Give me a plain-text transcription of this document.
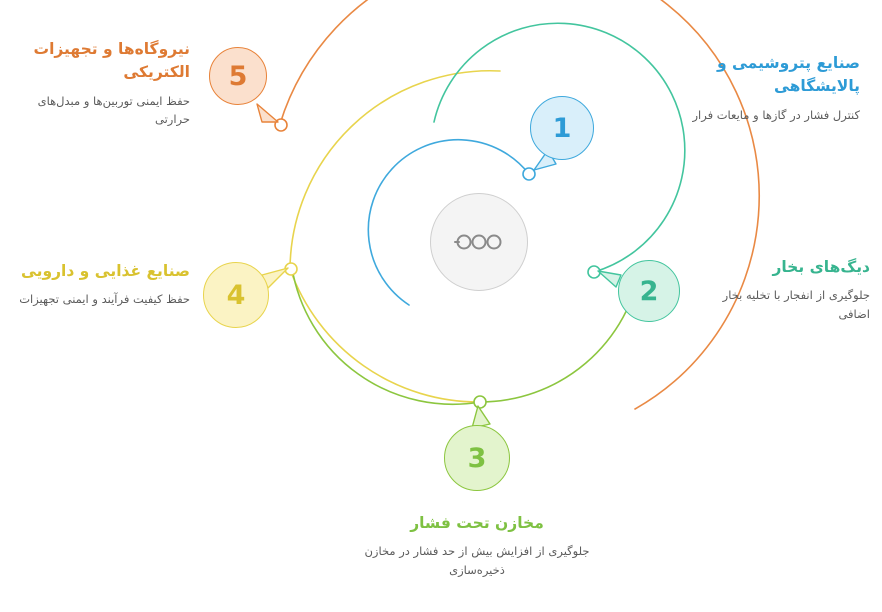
1
2
3
4
5	صنایع پتروشیمی و پالایشگاهی

کنترل فشار در گازها و مایعات فرار

دیگ‌های بخار

جلوگیری از انفجار با تخلیه بخار اضافی

مخازن تحت فشار

جلوگیری از افزایش بیش از حد فشار در مخازن ذخیره‌سازی

صنایع غذایی و دارویی

حفظ کیفیت فرآیند و ایمنی تجهیزات

نیروگاه‌ها و تجهیزات الکتریکی

حفظ ایمنی توربین‌ها و مبدل‌های حرارتی
